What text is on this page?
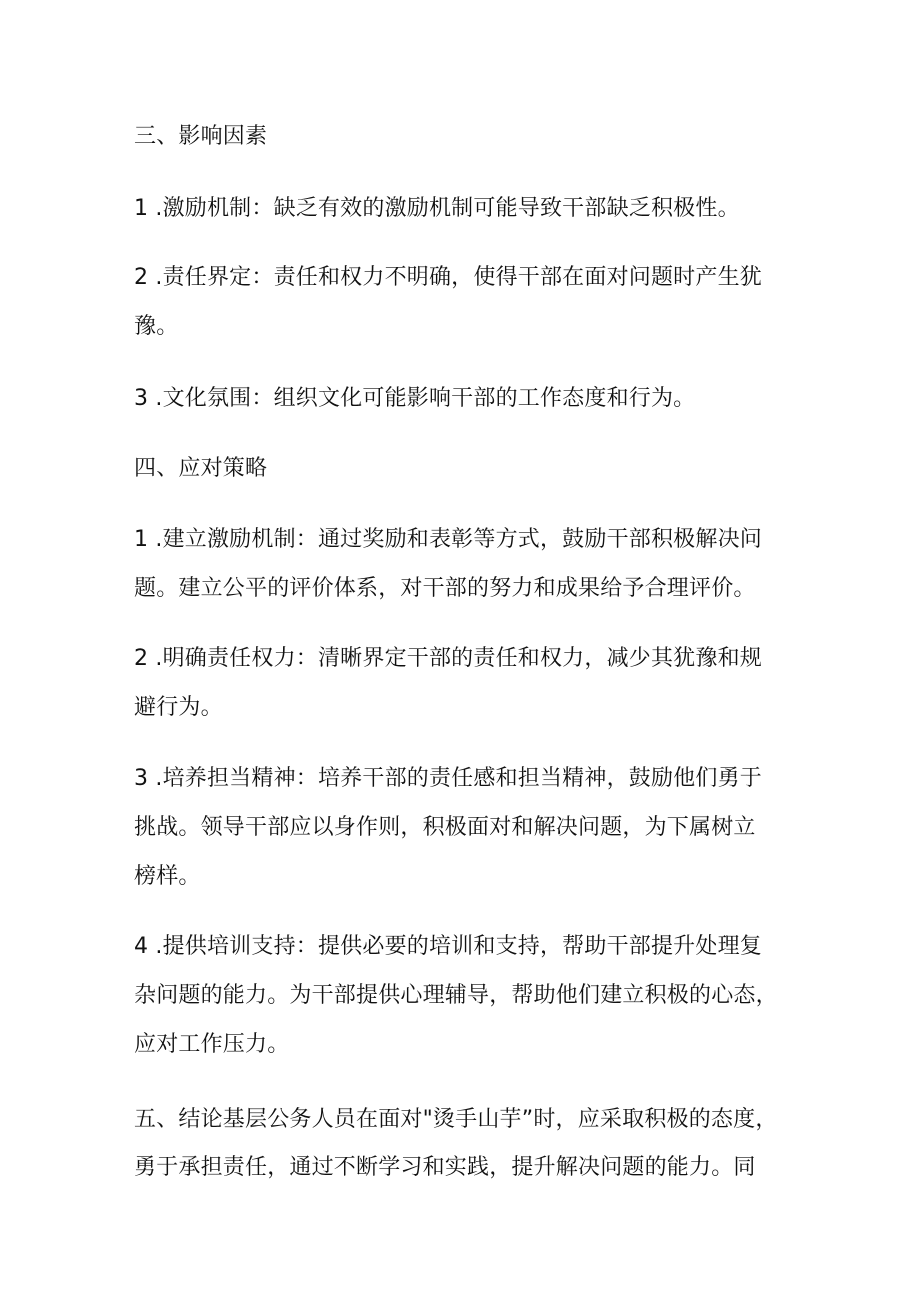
三、影响因素
1 .激励机制：缺乏有效的激励机制可能导致干部缺乏积极性。
2 .责任界定：责任和权力不明确，使得干部在面对问题时产生犹
豫。
3 .文化氛围：组织文化可能影响干部的工作态度和行为。
四、应对策略
1 .建立激励机制：通过奖励和表彰等方式，鼓励干部积极解决问
题。建立公平的评价体系，对干部的努力和成果给予合理评价。
2 .明确责任权力：清晰界定干部的责任和权力，减少其犹豫和规
避行为。
3 .培养担当精神：培养干部的责任感和担当精神，鼓励他们勇于
挑战。领导干部应以身作则，积极面对和解决问题，为下属树立
榜样。
4 .提供培训支持：提供必要的培训和支持，帮助干部提升处理复
杂问题的能力。为干部提供心理辅导，帮助他们建立积极的心态，
应对工作压力。
五、结论基层公务人员在面对"烫手山芋”时，应采取积极的态度，
勇于承担责任，通过不断学习和实践，提升解决问题的能力。同
